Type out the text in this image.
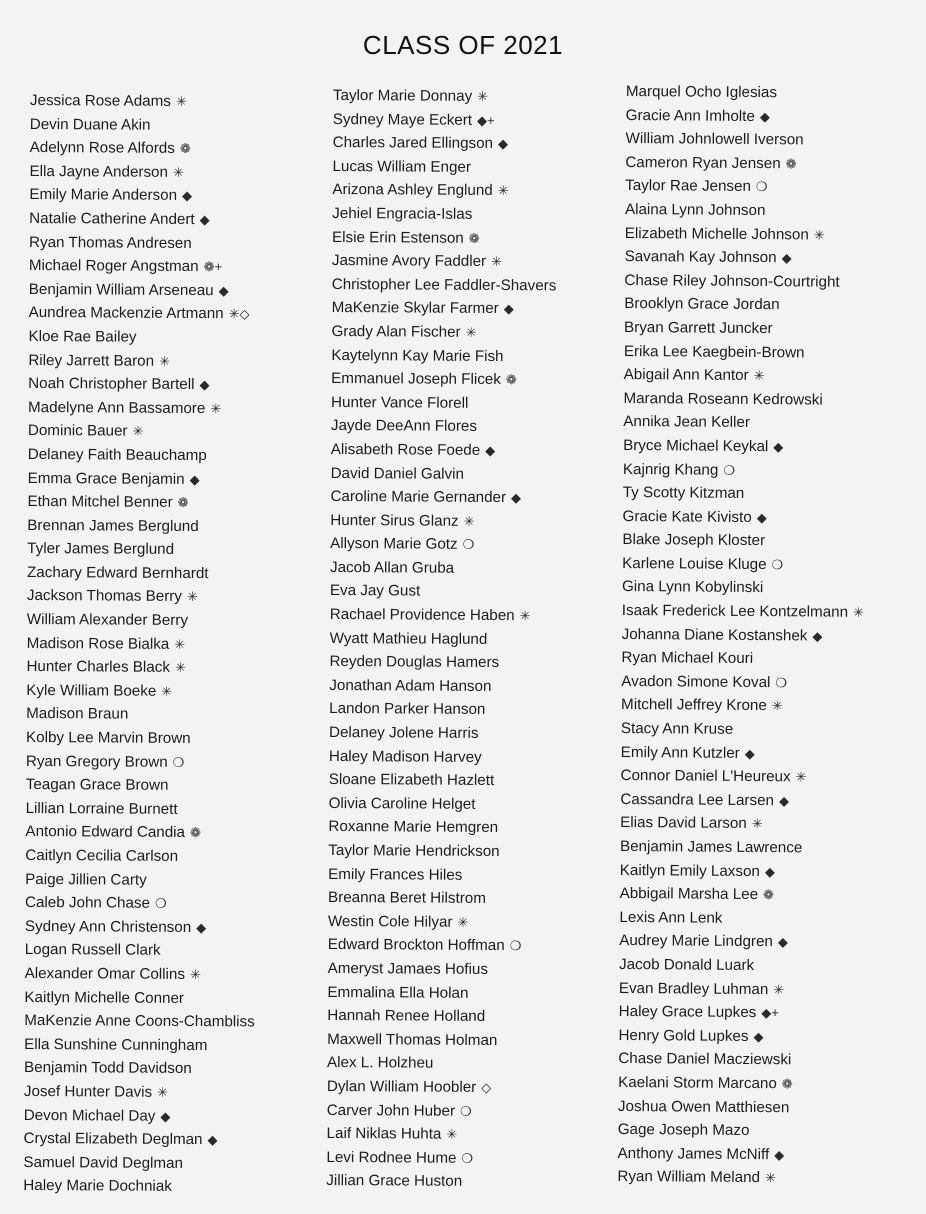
CLASS OF 2021
Jessica Rose Adams ✳
Devin Duane Akin
Adelynn Rose Alfords ❁
Ella Jayne Anderson ✳
Emily Marie Anderson ◆
Natalie Catherine Andert ◆
Ryan Thomas Andresen
Michael Roger Angstman ❁+
Benjamin William Arseneau ◆
Aundrea Mackenzie Artmann ✳◇
Kloe Rae Bailey
Riley Jarrett Baron ✳
Noah Christopher Bartell ◆
Madelyne Ann Bassamore ✳
Dominic Bauer ✳
Delaney Faith Beauchamp
Emma Grace Benjamin ◆
Ethan Mitchel Benner ❁
Brennan James Berglund
Tyler James Berglund
Zachary Edward Bernhardt
Jackson Thomas Berry ✳
William Alexander Berry
Madison Rose Bialka ✳
Hunter Charles Black ✳
Kyle William Boeke ✳
Madison Braun
Kolby Lee Marvin Brown
Ryan Gregory Brown ❍
Teagan Grace Brown
Lillian Lorraine Burnett
Antonio Edward Candia ❁
Caitlyn Cecilia Carlson
Paige Jillien Carty
Caleb John Chase ❍
Sydney Ann Christenson ◆
Logan Russell Clark
Alexander Omar Collins ✳
Kaitlyn Michelle Conner
MaKenzie Anne Coons-Chambliss
Ella Sunshine Cunningham
Benjamin Todd Davidson
Josef Hunter Davis ✳
Devon Michael Day ◆
Crystal Elizabeth Deglman ◆
Samuel David Deglman
Haley Marie Dochniak
Taylor Marie Donnay ✳
Sydney Maye Eckert ◆+
Charles Jared Ellingson ◆
Lucas William Enger
Arizona Ashley Englund ✳
Jehiel Engracia-Islas
Elsie Erin Estenson ❁
Jasmine Avory Faddler ✳
Christopher Lee Faddler-Shavers
MaKenzie Skylar Farmer ◆
Grady Alan Fischer ✳
Kaytelynn Kay Marie Fish
Emmanuel Joseph Flicek ❁
Hunter Vance Florell
Jayde DeeAnn Flores
Alisabeth Rose Foede ◆
David Daniel Galvin
Caroline Marie Gernander ◆
Hunter Sirus Glanz ✳
Allyson Marie Gotz ❍
Jacob Allan Gruba
Eva Jay Gust
Rachael Providence Haben ✳
Wyatt Mathieu Haglund
Reyden Douglas Hamers
Jonathan Adam Hanson
Landon Parker Hanson
Delaney Jolene Harris
Haley Madison Harvey
Sloane Elizabeth Hazlett
Olivia Caroline Helget
Roxanne Marie Hemgren
Taylor Marie Hendrickson
Emily Frances Hiles
Breanna Beret Hilstrom
Westin Cole Hilyar ✳
Edward Brockton Hoffman ❍
Ameryst Jamaes Hofius
Emmalina Ella Holan
Hannah Renee Holland
Maxwell Thomas Holman
Alex L. Holzheu
Dylan William Hoobler ◇
Carver John Huber ❍
Laif Niklas Huhta ✳
Levi Rodnee Hume ❍
Jillian Grace Huston
Marquel Ocho Iglesias
Gracie Ann Imholte ◆
William Johnlowell Iverson
Cameron Ryan Jensen ❁
Taylor Rae Jensen ❍
Alaina Lynn Johnson
Elizabeth Michelle Johnson ✳
Savanah Kay Johnson ◆
Chase Riley Johnson-Courtright
Brooklyn Grace Jordan
Bryan Garrett Juncker
Erika Lee Kaegbein-Brown
Abigail Ann Kantor ✳
Maranda Roseann Kedrowski
Annika Jean Keller
Bryce Michael Keykal ◆
Kajnrig Khang ❍
Ty Scotty Kitzman
Gracie Kate Kivisto ◆
Blake Joseph Kloster
Karlene Louise Kluge ❍
Gina Lynn Kobylinski
Isaak Frederick Lee Kontzelmann ✳
Johanna Diane Kostanshek ◆
Ryan Michael Kouri
Avadon Simone Koval ❍
Mitchell Jeffrey Krone ✳
Stacy Ann Kruse
Emily Ann Kutzler ◆
Connor Daniel L'Heureux ✳
Cassandra Lee Larsen ◆
Elias David Larson ✳
Benjamin James Lawrence
Kaitlyn Emily Laxson ◆
Abbigail Marsha Lee ❁
Lexis Ann Lenk
Audrey Marie Lindgren ◆
Jacob Donald Luark
Evan Bradley Luhman ✳
Haley Grace Lupkes ◆+
Henry Gold Lupkes ◆
Chase Daniel Macziewski
Kaelani Storm Marcano ❁
Joshua Owen Matthiesen
Gage Joseph Mazo
Anthony James McNiff ◆
Ryan William Meland ✳
